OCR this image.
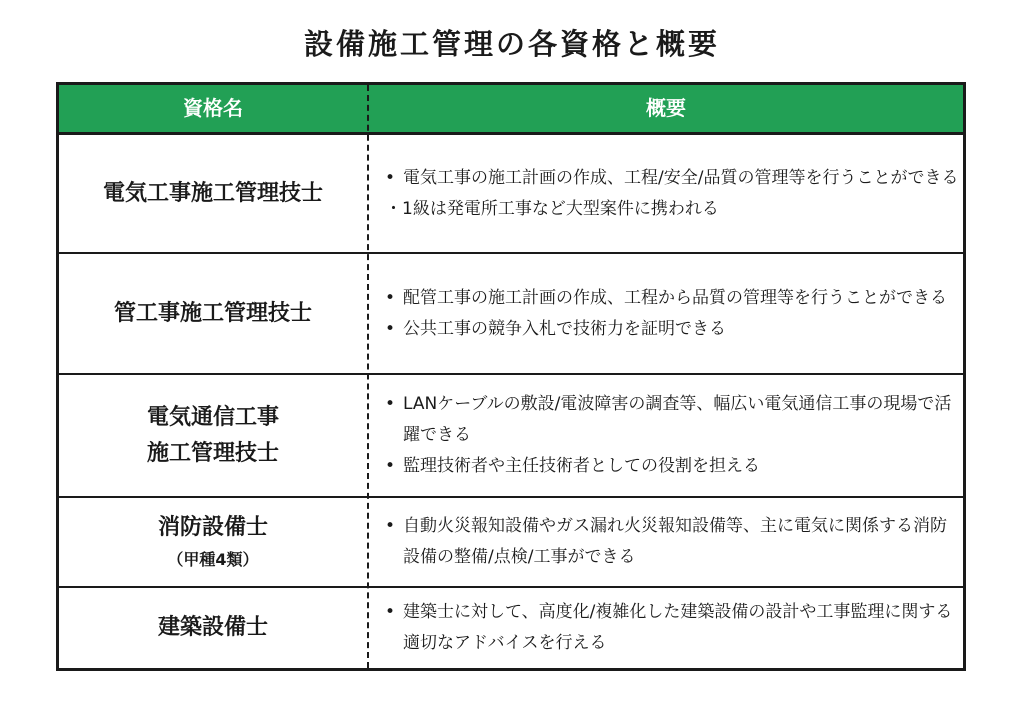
設備施工管理の各資格と概要
資格名	概要
電気工事施工管理技士
• 電気工事の施工計画の作成、工程/安全/品質の管理等を行うことができる
・1級は発電所工事など大型案件に携われる
管工事施工管理技士
• 配管工事の施工計画の作成、工程から品質の管理等を行うことができる
• 公共工事の競争入札で技術力を証明できる
電気通信工事
施工管理技士
• LANケーブルの敷設/電波障害の調査等、幅広い電気通信工事の現場で活躍できる
• 監理技術者や主任技術者としての役割を担える
消防設備士
（甲種4類）
• 自動火災報知設備やガス漏れ火災報知設備等、主に電気に関係する消防設備の整備/点検/工事ができる
建築設備士
• 建築士に対して、高度化/複雑化した建築設備の設計や工事監理に関する適切なアドバイスを行える
